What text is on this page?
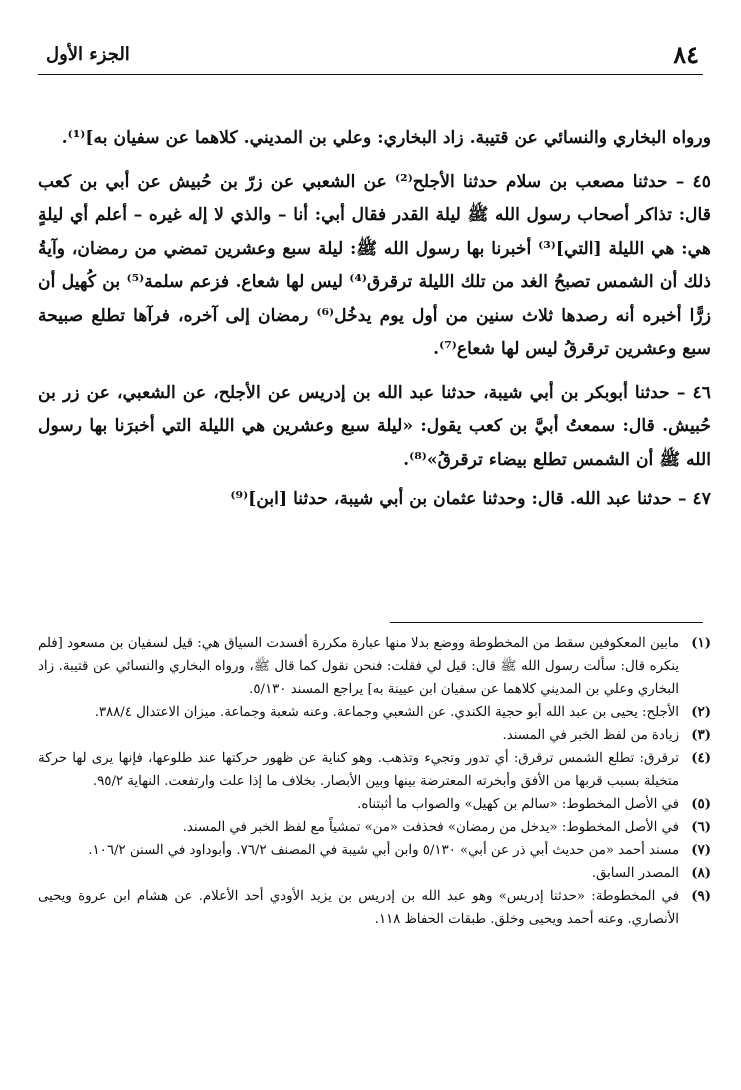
٨٤
الجزء الأول

ورواه البخاري والنسائي عن قتيبة. زاد البخاري: وعلي بن المديني. كلاهما عن سفيان به]⁽¹⁾.

٤٥ – حدثنا مصعب بن سلام حدثنا الأجلح⁽²⁾ عن الشعبي عن زرّ بن حُبيش عن أبي بن كعب قال: تذاكر أصحاب رسول الله ﷺ ليلة القدر فقال أبي: أنا – والذي لا إله غيره – أعلم أي ليلةٍ هي: هي الليلة [التي]⁽³⁾ أخبرنا بها رسول الله ﷺ: ليلة سبع وعشرين تمضي من رمضان، وآيةُ ذلك أن الشمس تصبحُ الغد من تلك الليلة ترقرق⁽⁴⁾ ليس لها شعاع. فزعم سلمة⁽⁵⁾ بن كُهيل أن زرًّا أخبره أنه رصدها ثلاث سنين من أول يوم يدخُل⁽⁶⁾ رمضان إلى آخره، فرآها تطلع صبيحة سبع وعشرين ترقرقُ ليس لها شعاع⁽⁷⁾.

٤٦ – حدثنا أبوبكر بن أبي شيبة، حدثنا عبد الله بن إدريس عن الأجلح، عن الشعبي، عن زر بن حُبيش. قال: سمعتُ أبيَّ بن كعب يقول: «ليلة سبع وعشرين هي الليلة التي أخبرَنا بها رسول الله ﷺ أن الشمس تطلع بيضاء ترقرقُ»⁽⁸⁾.

٤٧ – حدثنا عبد الله. قال: وحدثنا عثمان بن أبي شيبة، حدثنا [ابن]⁽⁹⁾

(١)
مابين المعكوفين سقط من المخطوطة ووضع بدلا منها عبارة مكررة أفسدت السياق هي: قيل لسفيان بن مسعود [فلم ينكره قال: سألت رسول الله ﷺ قال: قيل لي فقلت: فنحن نقول كما قال ﷺ، ورواه البخاري والنسائي عن قتيبة. زاد البخاري وعلي بن المديني كلاهما عن سفيان ابن عيينة به] يراجع المسند ٥/١٣٠.
(٢)
الأجلح: يحيى بن عبد الله أبو حجية الكندي. عن الشعبي وجماعة. وعنه شعبة وجماعة. ميزان الاعتدال ٣٨٨/٤.
(٣)
زيادة من لفظ الخبر في المسند.
(٤)
ترقرق: تطلع الشمس ترقرق: أي تدور وتجيء وتذهب. وهو كناية عن ظهور حركتها عند طلوعها، فإنها يرى لها حركة متخيلة بسبب قربها من الأفق وأبخرته المعترضة بينها وبين الأبصار. بخلاف ما إذا علت وارتفعت. النهاية ٩٥/٢.
(٥)
في الأصل المخطوط: «سالم بن كهيل» والصواب ما أثبتناه.
(٦)
في الأصل المخطوط: «يدخل من رمضان» فحذفت «من» تمشياً مع لفظ الخبر في المسند.
(٧)
مسند أحمد «من حديث أبي ذر عن أبي» ٥/١٣٠ وابن أبي شيبة في المصنف ٧٦/٢. وأبوداود في السنن ١٠٦/٢.
(٨)
المصدر السابق.
(٩)
في المخطوطة: «حدثنا إدريس» وهو عبد الله بن إدريس بن يزيد الأودي أحد الأعلام. عن هشام ابن عروة ويحيى الأنصاري. وعنه أحمد ويحيى وخلق. طبقات الحفاظ ١١٨.
